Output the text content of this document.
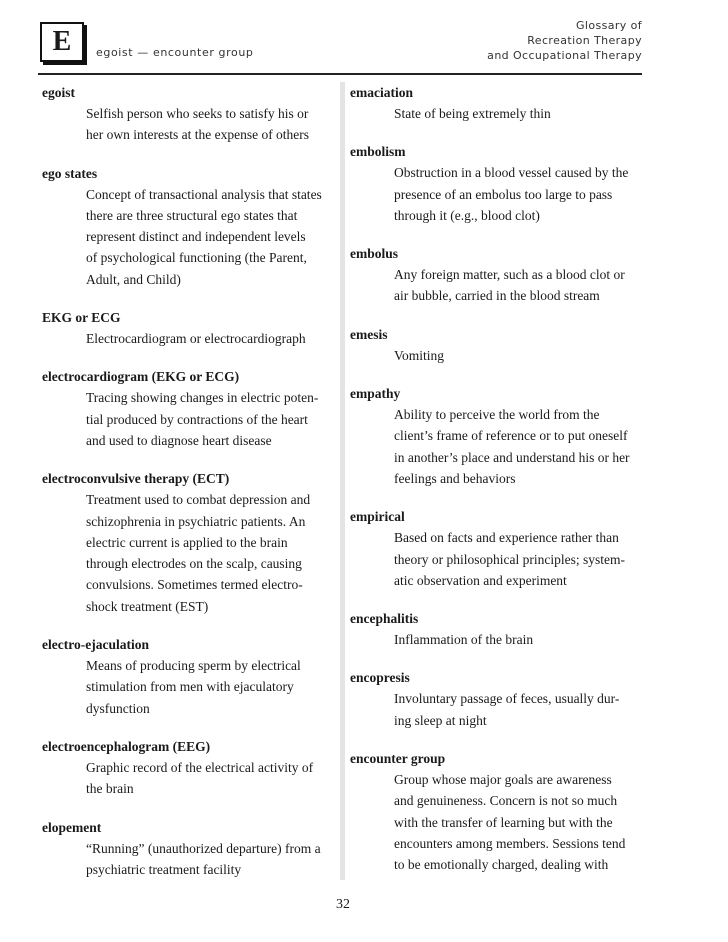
E	egoist — encounter group
Glossary of
Recreation Therapy
and Occupational Therapy
egoist
Selfish person who seeks to satisfy his or
her own interests at the expense of others
ego states
Concept of transactional analysis that states
there are three structural ego states that
represent distinct and independent levels
of psychological functioning (the Parent,
Adult, and Child)
EKG or ECG
Electrocardiogram or electrocardiograph
electrocardiogram (EKG or ECG)
Tracing showing changes in electric poten-
tial produced by contractions of the heart
and used to diagnose heart disease
electroconvulsive therapy (ECT)
Treatment used to combat depression and
schizophrenia in psychiatric patients. An
electric current is applied to the brain
through electrodes on the scalp, causing
convulsions. Sometimes termed electro-
shock treatment (EST)
electro-ejaculation
Means of producing sperm by electrical
stimulation from men with ejaculatory
dysfunction
electroencephalogram (EEG)
Graphic record of the electrical activity of
the brain
elopement
“Running” (unauthorized departure) from a
psychiatric treatment facility
emaciation
State of being extremely thin
embolism
Obstruction in a blood vessel caused by the
presence of an embolus too large to pass
through it (e.g., blood clot)
embolus
Any foreign matter, such as a blood clot or
air bubble, carried in the blood stream
emesis
Vomiting
empathy
Ability to perceive the world from the
client’s frame of reference or to put oneself
in another’s place and understand his or her
feelings and behaviors
empirical
Based on facts and experience rather than
theory or philosophical principles; system-
atic observation and experiment
encephalitis
Inflammation of the brain
encopresis
Involuntary passage of feces, usually dur-
ing sleep at night
encounter group
Group whose major goals are awareness
and genuineness. Concern is not so much
with the transfer of learning but with the
encounters among members. Sessions tend
to be emotionally charged, dealing with
32
